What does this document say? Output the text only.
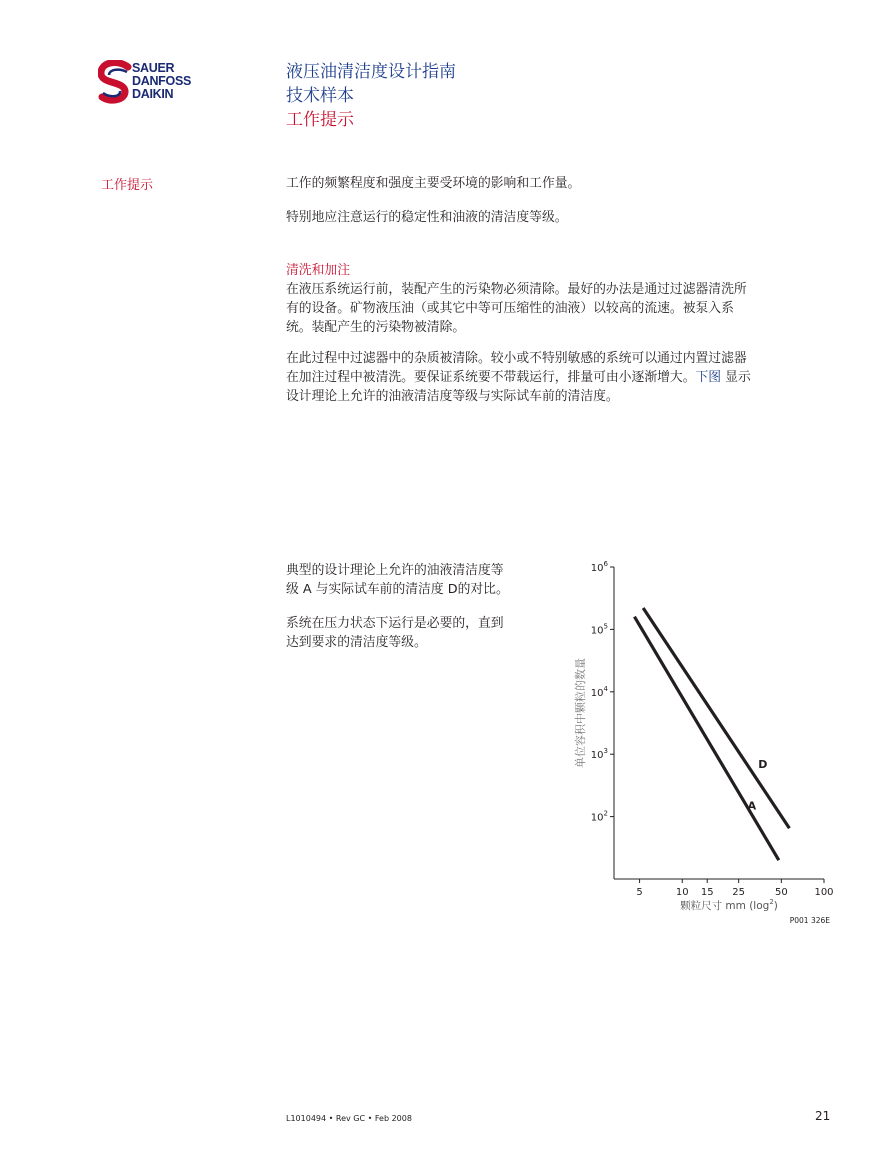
SAUER
DANFOSS
DAIKIN
液压油清洁度设计指南
技术样本
工作提示
工作提示	工作的频繁程度和强度主要受环境的影响和工作量。
特别地应注意运行的稳定性和油液的清洁度等级。
清洗和加注
在液压系统运行前，装配产生的污染物必须清除。最好的办法是通过过滤器清洗所
有的设备。矿物液压油（或其它中等可压缩性的油液）以较高的流速。被泵入系
统。装配产生的污染物被清除。
在此过程中过滤器中的杂质被清除。较小或不特别敏感的系统可以通过内置过滤器
在加注过程中被清洗。要保证系统要不带载运行，排量可由小逐渐增大。下图 显示
设计理论上允许的油液清洁度等级与实际试车前的清洁度。
典型的设计理论上允许的油液清洁度等
级 A 与实际试车前的清洁度 D的对比。
系统在压力状态下运行是必要的，直到
达到要求的清洁度等级。
单位容积中颗粒的数量
颗粒尺寸 mm $(\log^2)$
P001 326E
$10^2$
$10^3$
$10^4$
$10^5$
$10^6$
5	10 15 25	50	100
A
D
L1010494 • Rev GC • Feb 2008	21
